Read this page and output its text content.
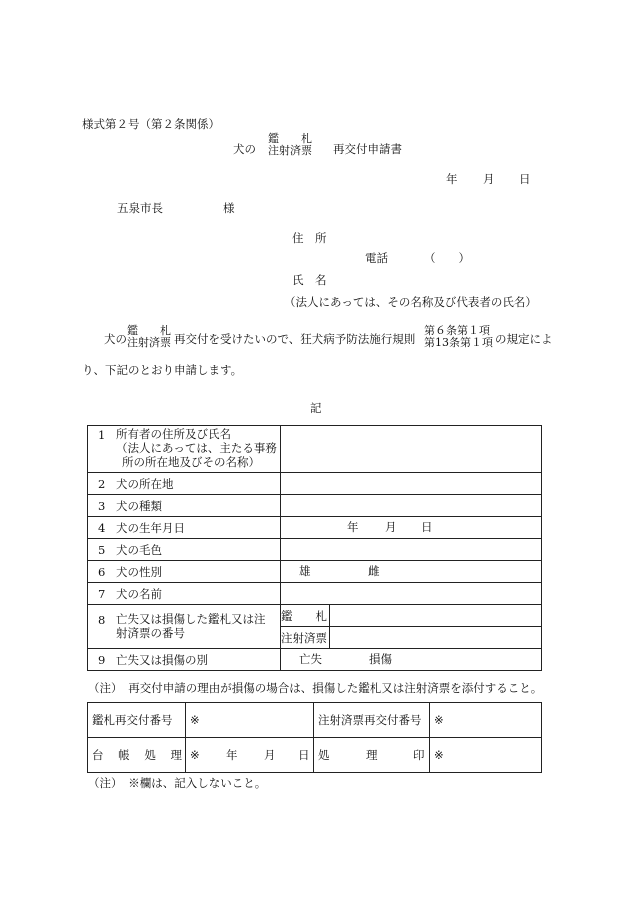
様式第２号（第２条関係）
犬の
鑑　　札
注射済票 再交付申請書
年 月 日
五泉市長	様
住　所
電話	（　　）
氏　名
（法人にあっては、その名称及び代表者の氏名）
犬の
鑑　　札
注射済票 再交付を受けたいので、狂犬病予防法施行規則
第６条第１項
第13条第１項 の規定によ
り、下記のとおり申請します。
記
1 所有者の住所及び氏名
（法人にあっては、主たる事務
所の所在地及びその名称）	
2 犬の所在地	
3 犬の種類	
4 犬の生年月日	年 月 日

5 犬の毛色	
6 犬の性別	雄	雌

7 犬の名前	
8 亡失又は損傷した鑑札又は注
射済票の番号	
鑑　　札	
注射済票	

9 亡失又は損傷の別	亡失	損傷
（注）　再交付申請の理由が損傷の場合は、損傷した鑑札又は注射済票を添付すること。
鑑札再交付番号	※	注射済票再交付番号	※
台帳処理	※ 年 月 日	処 理 印	※
（注）　※欄は、記入しないこと。
